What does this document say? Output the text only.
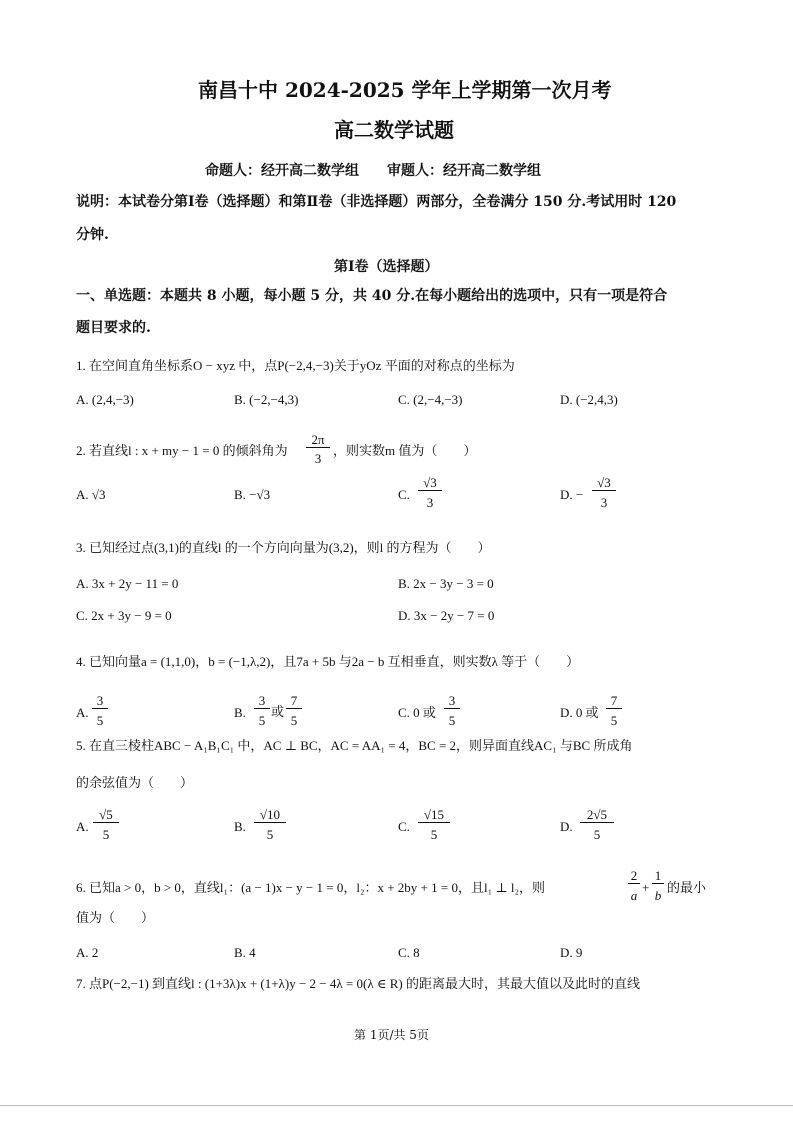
南昌十中 2024-2025 学年上学期第一次月考
高二数学试题
命题人：经开高二数学组　　审题人：经开高二数学组
说明：本试卷分第Ⅰ卷（选择题）和第Ⅱ卷（非选择题）两部分，全卷满分 150 分.考试用时 120
分钟.
第Ⅰ卷（选择题）
一、单选题：本题共 8 小题，每小题 5 分，共 40 分.在每小题给出的选项中，只有一项是符合
题目要求的.
1. 在空间直角坐标系O − xyz 中，点P(−2,4,−3)关于yOz 平面的对称点的坐标为
A. (2,4,−3)	B. (−2,−4,3)	C. (2,−4,−3)	D. (−2,4,3)
2. 若直线l : x + my − 1 = 0 的倾斜角为
2π
3
，则实数m 值为（　　）
A. √3	B. −√3	C.
√3
3
D. −
√3
3
3. 已知经过点(3,1)的直线l 的一个方向向量为(3,2)，则l 的方程为（　　）
A. 3x + 2y − 11 = 0	B. 2x − 3y − 3 = 0
C. 2x + 3y − 9 = 0	D. 3x − 2y − 7 = 0
4. 已知向量a = (1,1,0)，b = (−1,λ,2)，且7a + 5b 与2a − b 互相垂直，则实数λ 等于（　　）
A.
3
5
B.
3
5
或
7
5
C. 0 或
3
5
D. 0 或
7
5
5. 在直三棱柱ABC − A₁B₁C₁ 中，AC ⊥ BC，AC = AA₁ = 4，BC = 2，则异面直线AC₁ 与BC 所成角
的余弦值为（　　）
A.
√5
5
B.
√10
5
C.
√15
5
D.
2√5
5
6. 已知a > 0，b > 0，直线l₁：(a − 1)x − y − 1 = 0，l₂：x + 2by + 1 = 0，且l₁ ⊥ l₂，则
2
a
+
1
b
的最小
值为（　　）
A. 2	B. 4	C. 8	D. 9
7. 点P(−2,−1) 到直线l : (1+3λ)x + (1+λ)y − 2 − 4λ = 0(λ ∈ R) 的距离最大时，其最大值以及此时的直线
第 1页/共 5页
